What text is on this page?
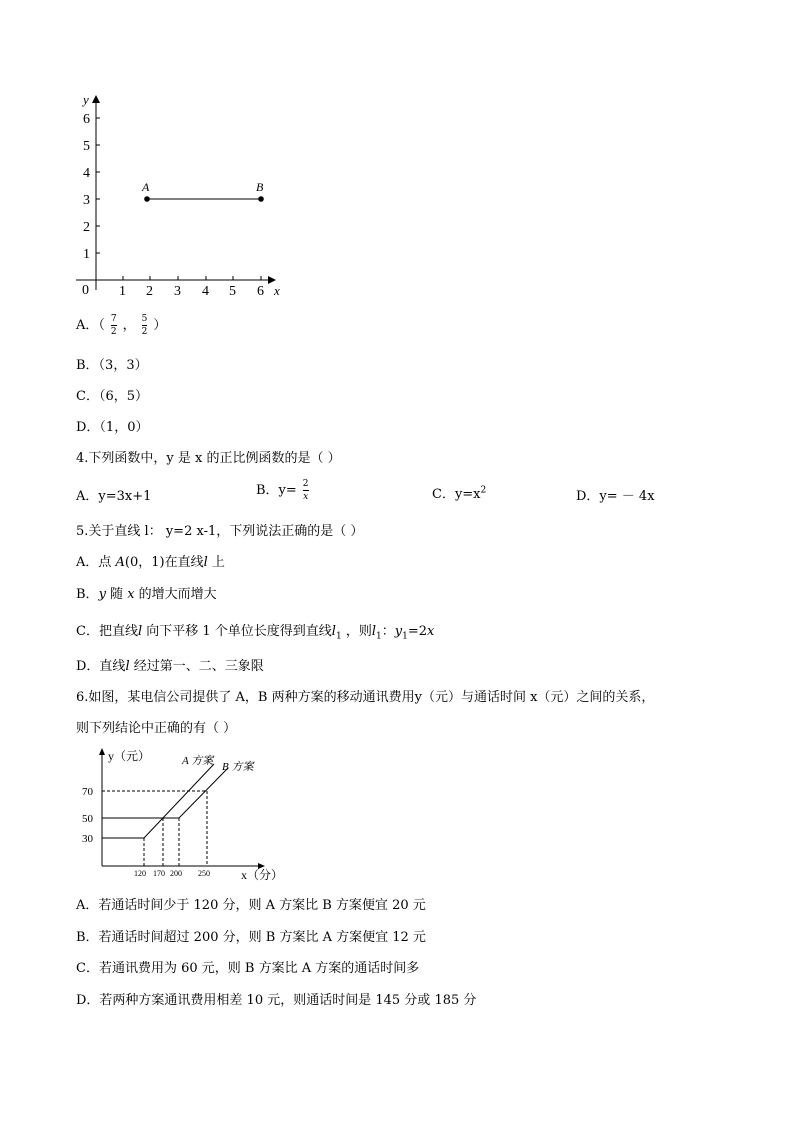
y
x
0
1
2
3
4
5
6
1 2 3 4 5 6
A	B
A．（ $\frac{7}{2}$ ， $\frac{5}{2}$ ）
B．（3，3）
C．（6，5）
D．（1，0）
4.下列函数中，y 是 x 的正比例函数的是（ ）
A．y=3x+1	B．$y= \frac{2}{x}$	C．$y=x^2$	D．y= － 4x
5.关于直线 l： y=2 x-1，下列说法正确的是（ ）
A．点 A(0，1)在直线l 上
B．y 随 x 的增大而增大
C．把直线l 向下平移 1 个单位长度得到直线$l_1$ ，则$l_1$：$y_1=2x$
D．直线l 经过第一、二、三象限
6.如图，某电信公司提供了 A，B 两种方案的移动通讯费用y（元）与通话时间 x（元）之间的关系，
则下列结论中正确的有（ ）
y（元）
x（分）
70
50
30
120 170 200 250
A 方案 B 方案
A．若通话时间少于 120 分，则 A 方案比 B 方案便宜 20 元
B．若通话时间超过 200 分，则 B 方案比 A 方案便宜 12 元
C．若通讯费用为 60 元，则 B 方案比 A 方案的通话时间多
D．若两种方案通讯费用相差 10 元，则通话时间是 145 分或 185 分
